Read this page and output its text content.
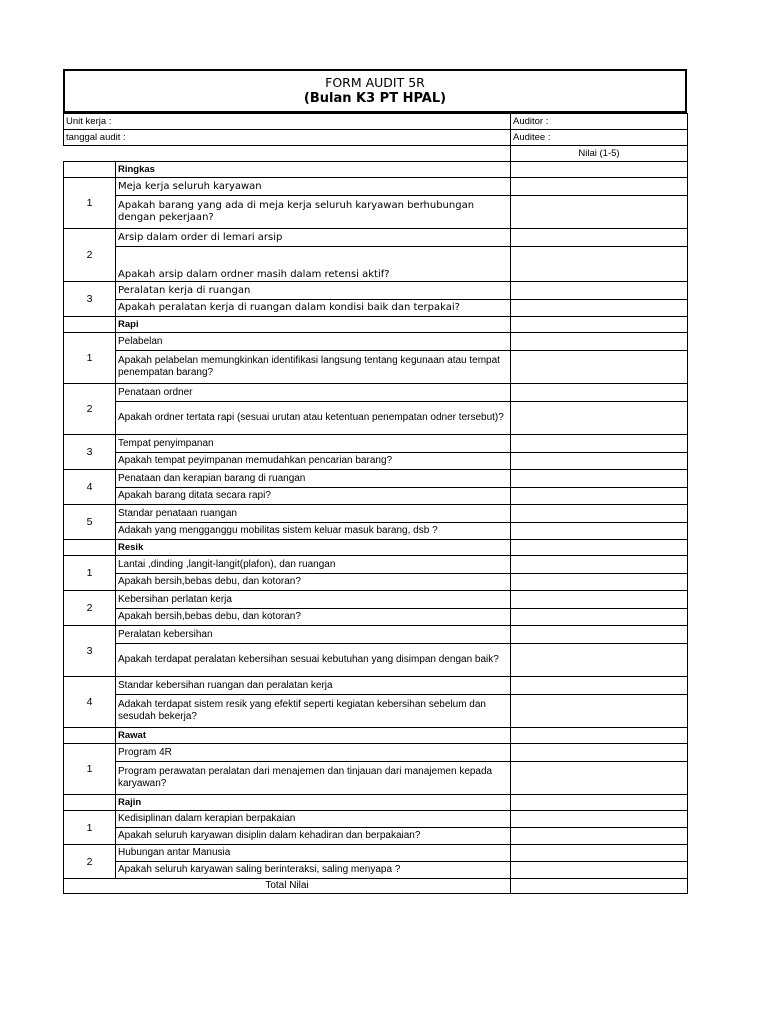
FORM AUDIT 5R
(Bulan K3 PT HPAL)
Unit kerja :		Auditor :
tanggal audit :		Auditee :
		Nilai (1-5)
	Ringkas	
1	Meja kerja seluruh karyawan	
	Apakah barang yang ada di meja kerja seluruh karyawan berhubungan dengan pekerjaan?	
2	Arsip dalam order di lemari arsip	
	Apakah arsip dalam ordner masih dalam retensi aktif?	
3	Peralatan kerja di ruangan	
	Apakah peralatan kerja di ruangan dalam kondisi baik dan terpakai?	
	Rapi	
1	Pelabelan	
	Apakah pelabelan memungkinkan identifikasi langsung tentang kegunaan atau tempat penempatan barang?	
2	Penataan ordner	
	Apakah ordner tertata rapi (sesuai urutan atau ketentuan penempatan odner tersebut)?	
3	Tempat penyimpanan	
	Apakah tempat peyimpanan memudahkan pencarian barang?	
4	Penataan dan kerapian barang di ruangan	
	Apakah barang ditata secara rapi?	
5	Standar penataan ruangan	
	Adakah yang mengganggu mobilitas sistem keluar masuk barang, dsb ?	
	Resik	
1	Lantai ,dinding ,langit-langit(plafon), dan ruangan	
	Apakah bersih,bebas debu, dan kotoran?	
2	Kebersihan perlatan kerja	
	Apakah bersih,bebas debu, dan kotoran?	
3	Peralatan kebersihan	
	Apakah terdapat peralatan kebersihan sesuai kebutuhan yang disimpan dengan baik?	
4	Standar kebersihan ruangan dan peralatan kerja	
	Adakah terdapat sistem resik yang efektif seperti kegiatan kebersihan sebelum dan sesudah bekerja?	
	Rawat	
1	Program 4R	
	Program perawatan peralatan dari menajemen dan tinjauan dari manajemen kepada karyawan?	
	Rajin	
1	Kedisiplinan dalam kerapian berpakaian	
	Apakah seluruh karyawan disiplin dalam kehadiran dan berpakaian?	
2	Hubungan antar Manusia	
	Apakah seluruh karyawan saling berinteraksi, saling menyapa ?	
Total Nilai		
